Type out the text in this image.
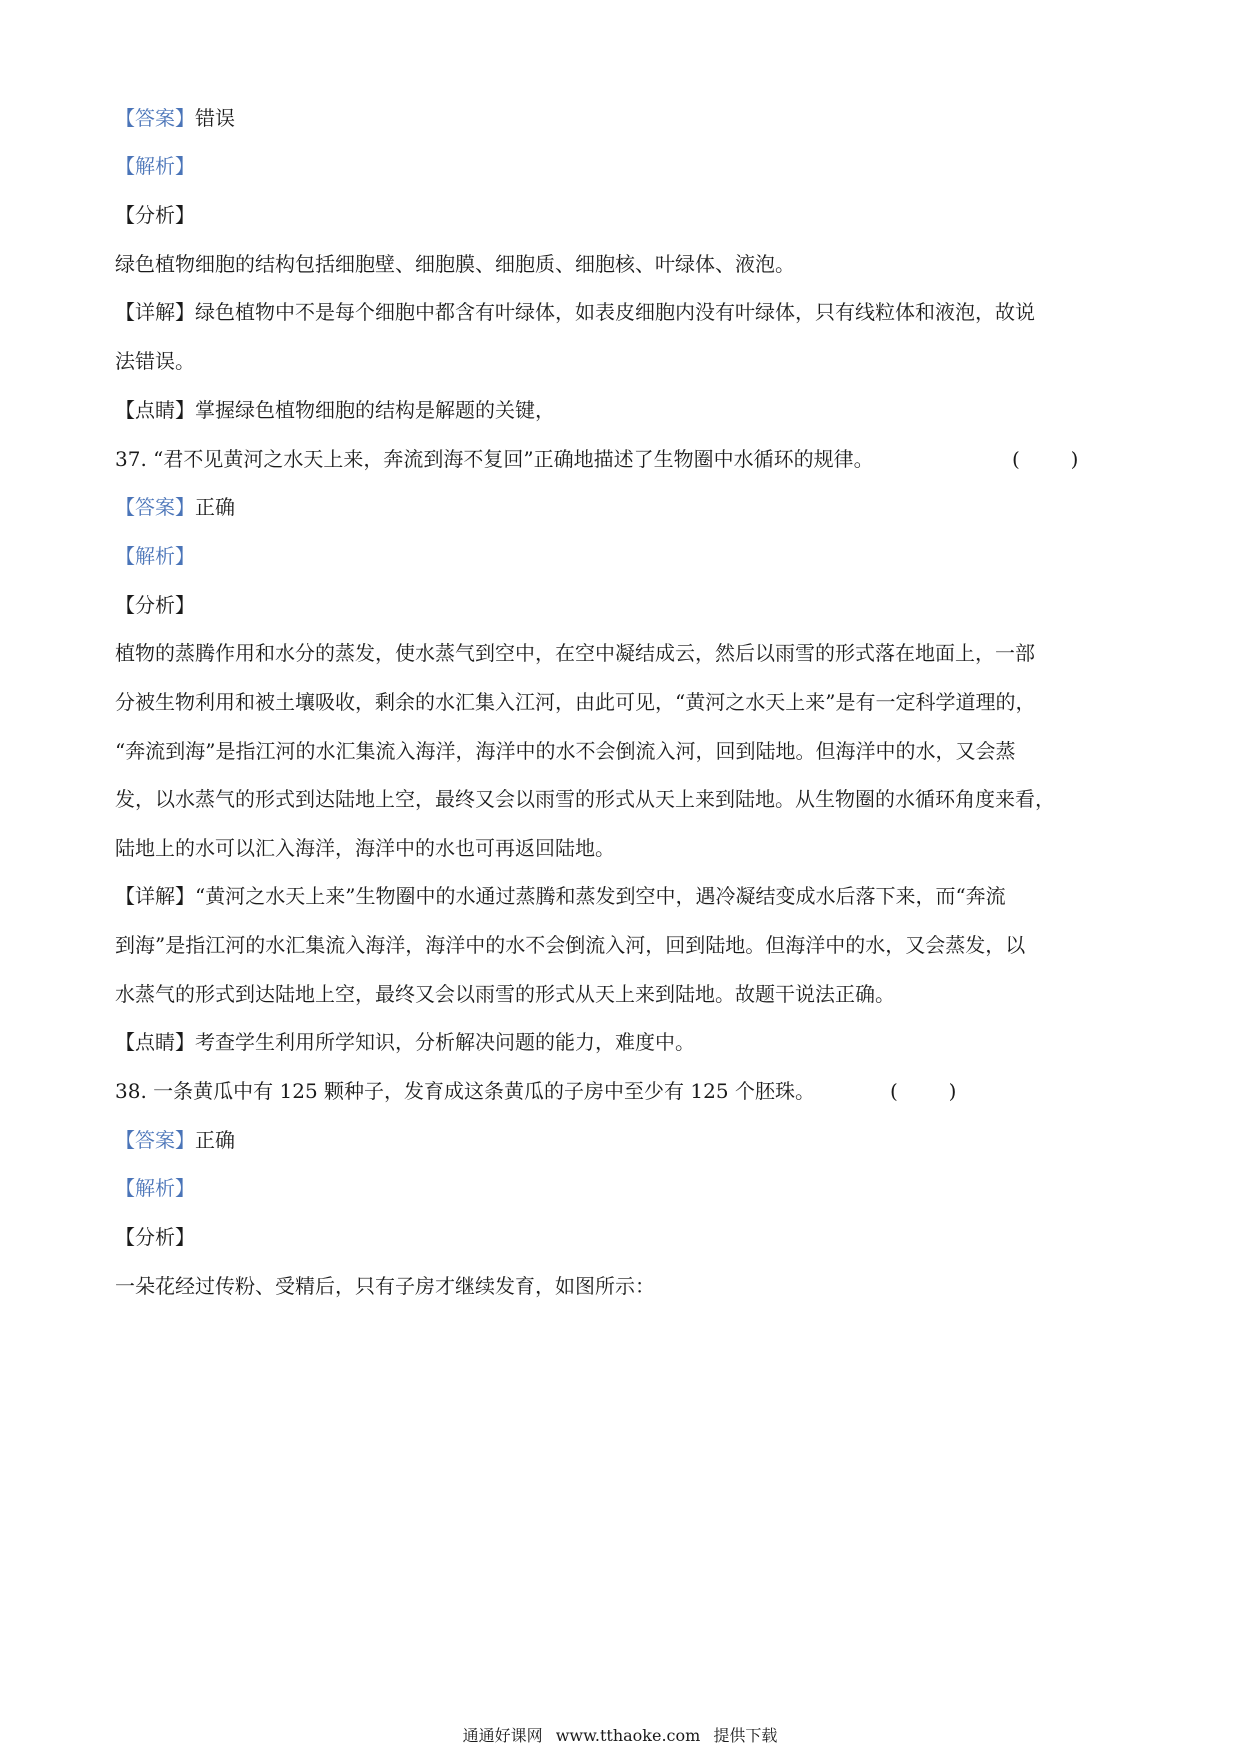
【答案】错误
【解析】
【分析】
绿色植物细胞的结构包括细胞壁、细胞膜、细胞质、细胞核、叶绿体、液泡。
【详解】绿色植物中不是每个细胞中都含有叶绿体，如表皮细胞内没有叶绿体，只有线粒体和液泡，故说
法错误。
【点睛】掌握绿色植物细胞的结构是解题的关键，
37. “君不见黄河之水天上来，奔流到海不复回”正确地描述了生物圈中水循环的规律。	(        )
【答案】正确
【解析】
【分析】
植物的蒸腾作用和水分的蒸发，使水蒸气到空中，在空中凝结成云，然后以雨雪的形式落在地面上，一部
分被生物利用和被土壤吸收，剩余的水汇集入江河，由此可见，“黄河之水天上来”是有一定科学道理的，
“奔流到海”是指江河的水汇集流入海洋，海洋中的水不会倒流入河，回到陆地。但海洋中的水，又会蒸
发，以水蒸气的形式到达陆地上空，最终又会以雨雪的形式从天上来到陆地。从生物圈的水循环角度来看，
陆地上的水可以汇入海洋，海洋中的水也可再返回陆地。
【详解】“黄河之水天上来”生物圈中的水通过蒸腾和蒸发到空中，遇冷凝结变成水后落下来，而“奔流
到海”是指江河的水汇集流入海洋，海洋中的水不会倒流入河，回到陆地。但海洋中的水，又会蒸发，以
水蒸气的形式到达陆地上空，最终又会以雨雪的形式从天上来到陆地。故题干说法正确。
【点睛】考查学生利用所学知识，分析解决问题的能力，难度中。
38. 一条黄瓜中有 125 颗种子，发育成这条黄瓜的子房中至少有 125 个胚珠。	(        )
【答案】正确
【解析】
【分析】
一朵花经过传粉、受精后，只有子房才继续发育，如图所示：
通通好课网 www.tthaoke.com 提供下载
